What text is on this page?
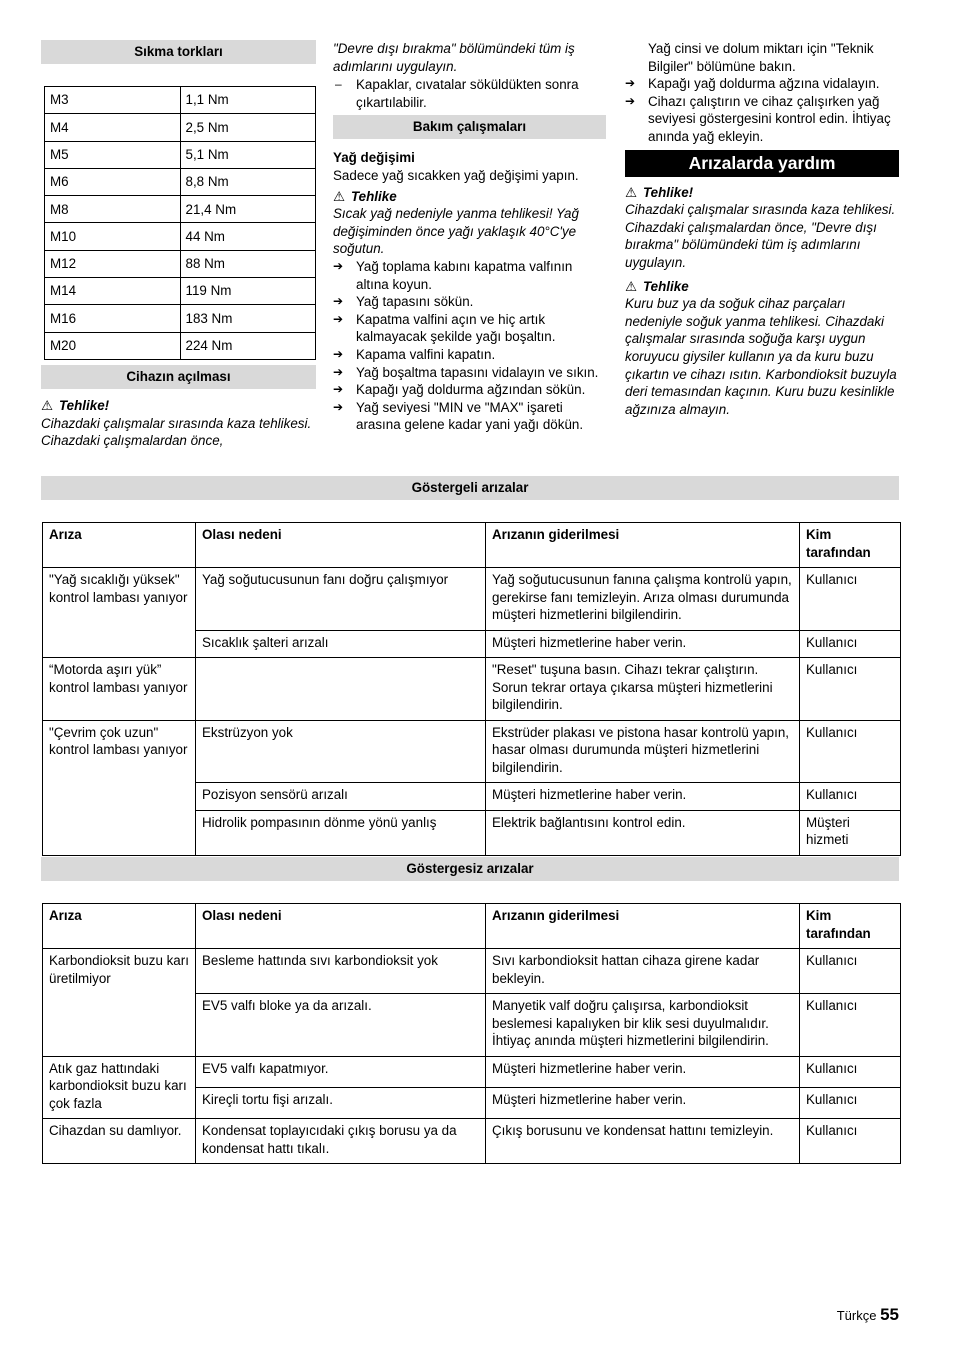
Sıkma torkları
M3	1,1 Nm
M4	2,5 Nm
M5	5,1 Nm
M6	8,8 Nm
M8	21,4 Nm
M10	44 Nm
M12	88 Nm
M14	119 Nm
M16	183 Nm
M20	224 Nm
Cihazın açılması
⚠ Tehlike!
Cihazdaki çalışmalar sırasında kaza tehlikesi. Cihazdaki çalışmalardan önce,
"Devre dışı bırakma" bölümündeki tüm iş adımlarını uygulayın.
– Kapaklar, cıvatalar söküldükten sonra çıkartılabilir.
Bakım çalışmaları
Yağ değişimi
Sadece yağ sıcakken yağ değişimi yapın.
⚠ Tehlike
Sıcak yağ nedeniyle yanma tehlikesi! Yağ değişiminden önce yağı yaklaşık 40°C'ye soğutun.
➔ Yağ toplama kabını kapatma valfının altına koyun.
➔ Yağ tapasını sökün.
➔ Kapatma valfini açın ve hiç artık kalmayacak şekilde yağı boşaltın.
➔ Kapama valfini kapatın.
➔ Yağ boşaltma tapasını vidalayın ve sıkın.
➔ Kapağı yağ doldurma ağzından sökün.
➔ Yağ seviyesi "MIN ve "MAX" işareti arasına gelene kadar yani yağı dökün.
Yağ cinsi ve dolum miktarı için "Teknik Bilgiler" bölümüne bakın.
➔ Kapağı yağ doldurma ağzına vidalayın.
➔ Cihazı çalıştırın ve cihaz çalışırken yağ seviyesi göstergesini kontrol edin. İhtiyaç anında yağ ekleyin.
Arızalarda yardım
⚠ Tehlike!
Cihazdaki çalışmalar sırasında kaza tehlikesi. Cihazdaki çalışmalardan önce, "Devre dışı bırakma" bölümündeki tüm iş adımlarını uygulayın.
⚠ Tehlike
Kuru buz ya da soğuk cihaz parçaları nedeniyle soğuk yanma tehlikesi. Cihazdaki çalışmalar sırasında soğuğa karşı uygun koruyucu giysiler kullanın ya da kuru buzu çıkartın ve cihazı ısıtın. Karbondioksit buzuyla deri temasından kaçının. Kuru buzu kesinlikle ağzınıza almayın.
Göstergeli arızalar
Arıza	Olası nedeni	Arızanın giderilmesi	Kim tarafından
"Yağ sıcaklığı yüksek" kontrol lambası yanıyor	Yağ soğutucusunun fanı doğru çalışmıyor	Yağ soğutucusunun fanına çalışma kontrolü yapın, gerekirse fanı temizleyin. Arıza olması durumunda müşteri hizmetlerini bilgilendirin.	Kullanıcı
	Sıcaklık şalteri arızalı	Müşteri hizmetlerine haber verin.	Kullanıcı
“Motorda aşırı yük” kontrol lambası yanıyor		"Reset" tuşuna basın. Cihazı tekrar çalıştırın. Sorun tekrar ortaya çıkarsa müşteri hizmetlerini bilgilendirin.	Kullanıcı
"Çevrim çok uzun" kontrol lambası yanıyor	Ekstrüzyon yok	Ekstrüder plakası ve pistona hasar kontrolü yapın, hasar olması durumunda müşteri hizmetlerini bilgilendirin.	Kullanıcı
	Pozisyon sensörü arızalı	Müşteri hizmetlerine haber verin.	Kullanıcı
	Hidrolik pompasının dönme yönü yanlış	Elektrik bağlantısını kontrol edin.	Müşteri hizmeti
Göstergesiz arızalar
Arıza	Olası nedeni	Arızanın giderilmesi	Kim tarafından
Karbondioksit buzu karı üretilmiyor	Besleme hattında sıvı karbondioksit yok	Sıvı karbondioksit hattan cihaza girene kadar bekleyin.	Kullanıcı
	EV5 valfı bloke ya da arızalı.	Manyetik valf doğru çalışırsa, karbondioksit beslemesi kapalıyken bir klik sesi duyulmalıdır. İhtiyaç anında müşteri hizmetlerini bilgilendirin.	Kullanıcı
Atık gaz hattındaki karbondioksit buzu karı çok fazla	EV5 valfı kapatmıyor.	Müşteri hizmetlerine haber verin.	Kullanıcı
	Kireçli tortu fişi arızalı.	Müşteri hizmetlerine haber verin.	Kullanıcı
Cihazdan su damlıyor.	Kondensat toplayıcıdaki çıkış borusu ya da kondensat hattı tıkalı.	Çıkış borusunu ve kondensat hattını temizleyin.	Kullanıcı
Türkçe 55
